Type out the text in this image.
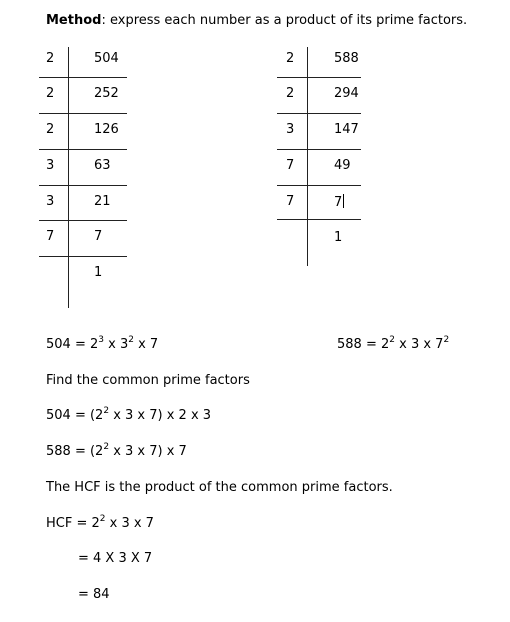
Method: express each number as a product of its prime factors.
2
2
2
3
3
7
504
252
126
63
21
7
1
2
2
3
7
7
588
294
147
49
7
1
$504 = 2^3$ x $3^2$ x 7	$588 = 2^2$ x 3 x $7^2$
Find the common prime factors
$504 = (2^2$ x 3 x 7) x 2 x 3
$588 = (2^2$ x 3 x 7) x 7
The HCF is the product of the common prime factors.
HCF = $2^2$ x 3 x 7
= 4 X 3 X 7
= 84
